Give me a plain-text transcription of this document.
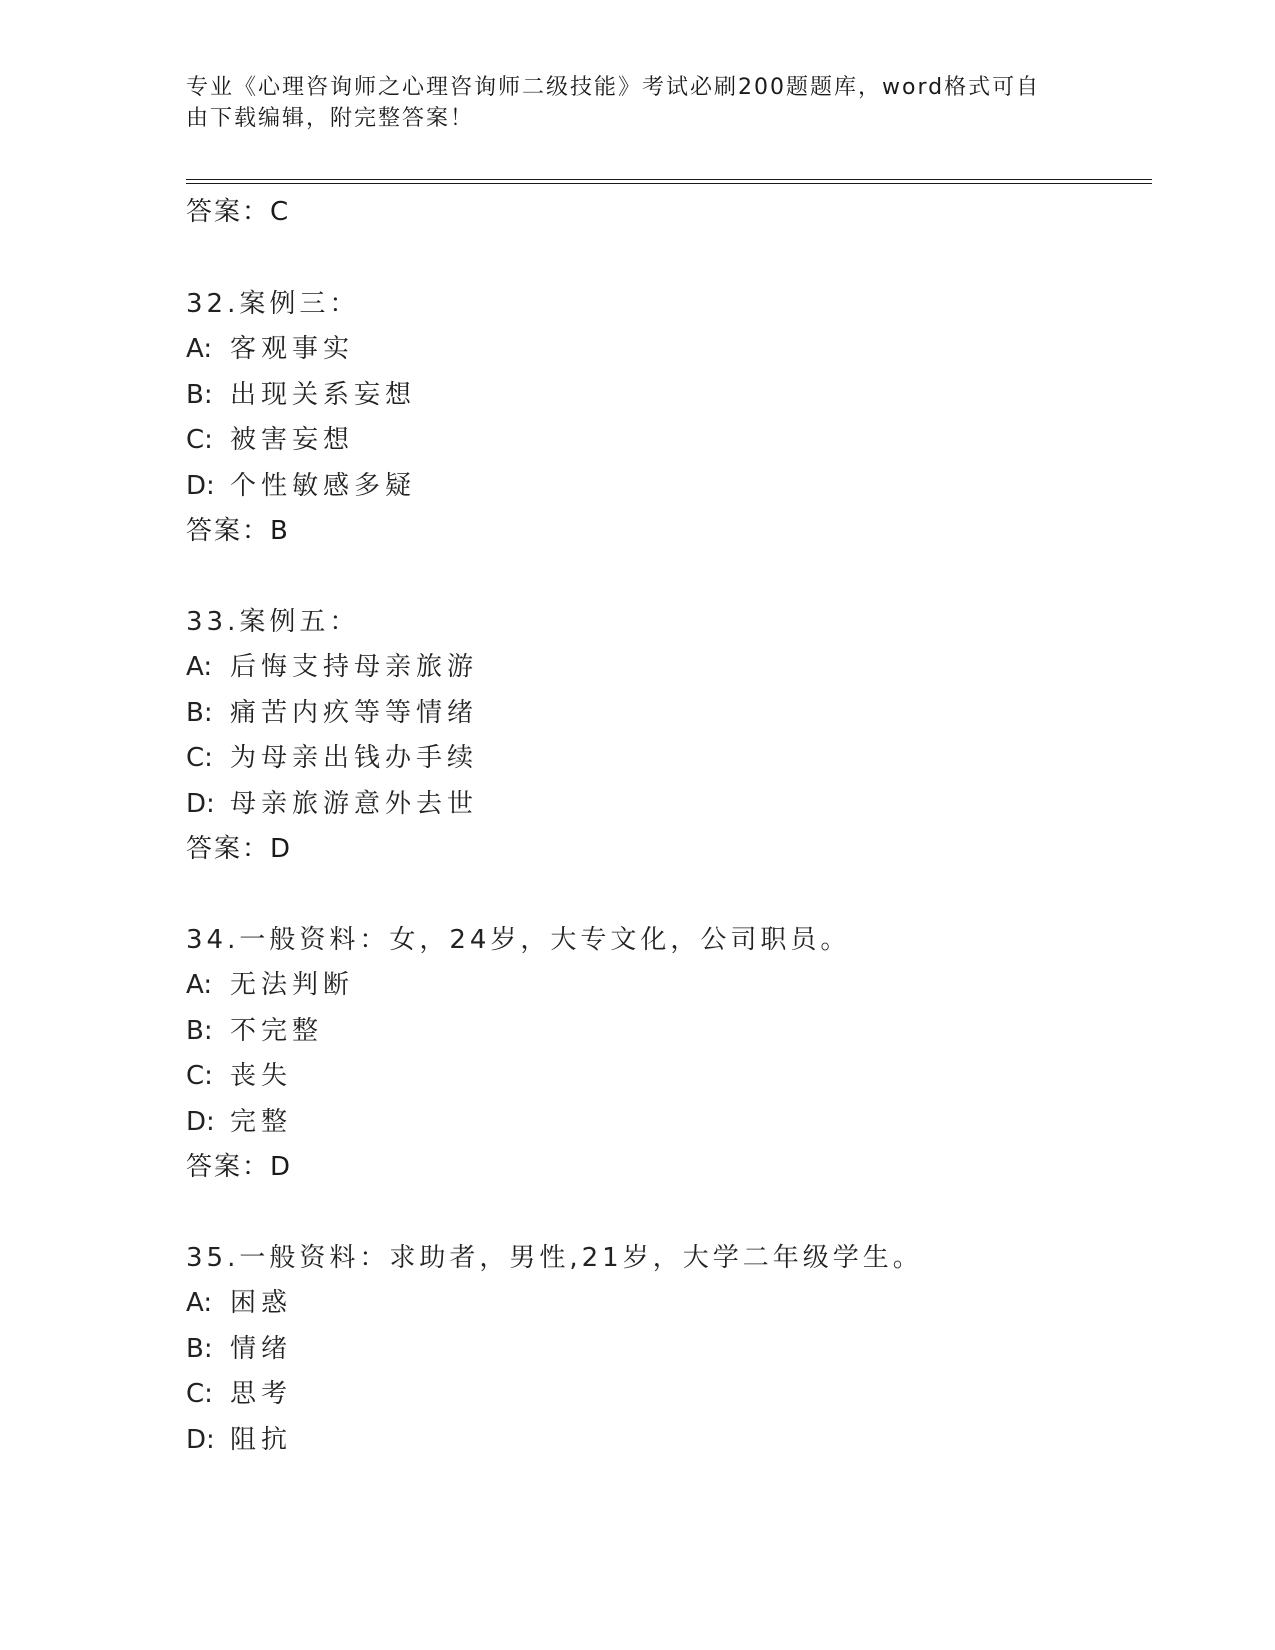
专业《心理咨询师之心理咨询师二级技能》考试必刷200题题库，word格式可自
由下载编辑，附完整答案！
答案：C
32.案例三：
A: 客观事实
B: 出现关系妄想
C: 被害妄想
D: 个性敏感多疑
答案：B
33.案例五：
A: 后悔支持母亲旅游
B: 痛苦内疚等等情绪
C: 为母亲出钱办手续
D: 母亲旅游意外去世
答案：D
34.一般资料：女，24岁，大专文化，公司职员。
A: 无法判断
B: 不完整
C: 丧失
D: 完整
答案：D
35.一般资料：求助者，男性,21岁，大学二年级学生。
A: 困惑
B: 情绪
C: 思考
D: 阻抗
